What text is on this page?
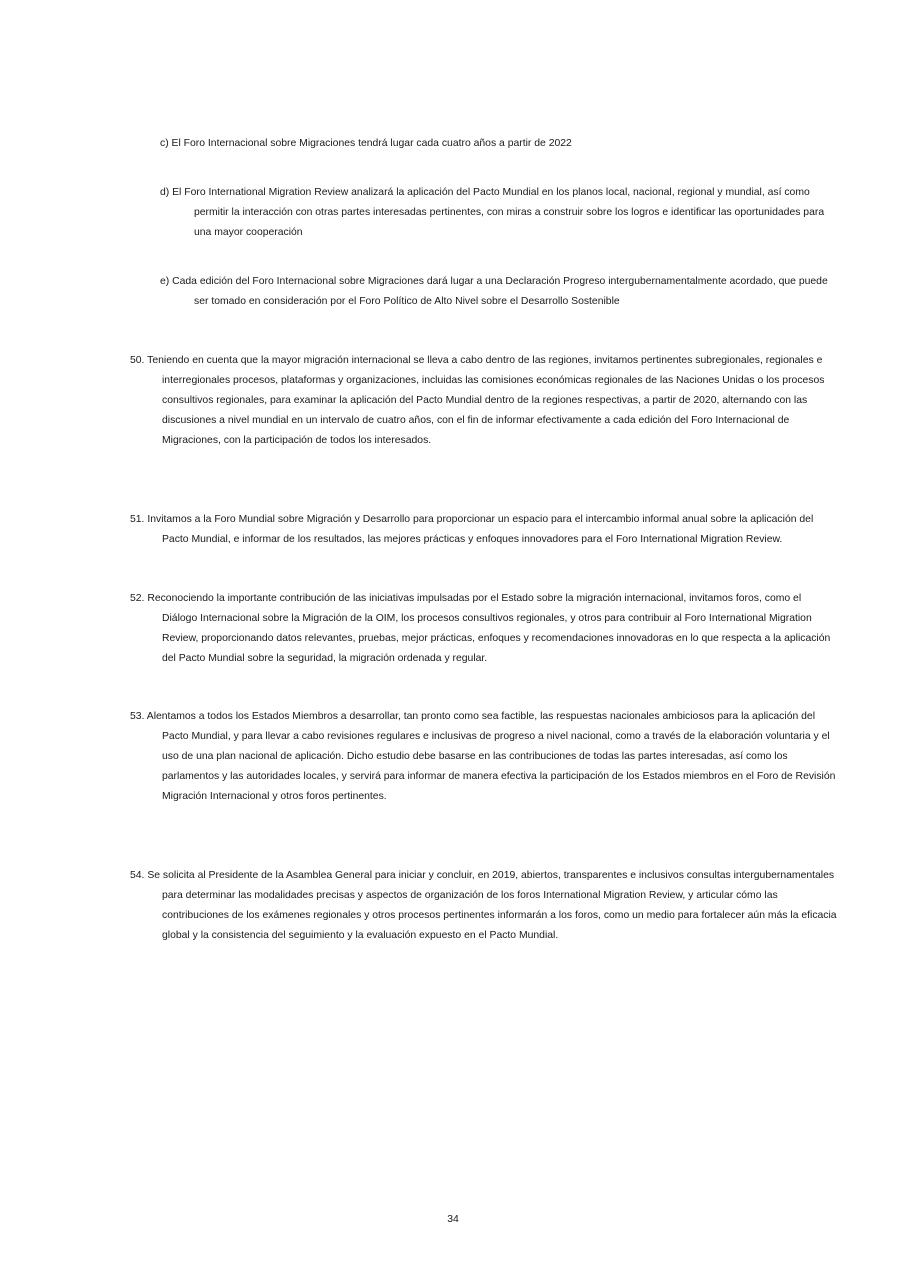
c) El Foro Internacional sobre Migraciones tendrá lugar cada cuatro años a partir de 2022

d) El Foro International Migration Review analizará la aplicación del Pacto Mundial en los planos local, nacional, regional y mundial, así como permitir la interacción con otras partes interesadas pertinentes, con miras a construir sobre los logros e identificar las oportunidades para una mayor cooperación

e) Cada edición del Foro Internacional sobre Migraciones dará lugar a una Declaración Progreso intergubernamentalmente acordado, que puede ser tomado en consideración por el Foro Político de Alto Nivel sobre el Desarrollo Sostenible

50. Teniendo en cuenta que la mayor migración internacional se lleva a cabo dentro de las regiones, invitamos pertinentes subregionales, regionales e interregionales procesos, plataformas y organizaciones, incluidas las comisiones económicas regionales de las Naciones Unidas o los procesos consultivos regionales, para examinar la aplicación del Pacto Mundial dentro de la regiones respectivas, a partir de 2020, alternando con las discusiones a nivel mundial en un intervalo de cuatro años, con el fin de informar efectivamente a cada edición del Foro Internacional de Migraciones, con la participación de todos los interesados.

51. Invitamos a la Foro Mundial sobre Migración y Desarrollo para proporcionar un espacio para el intercambio informal anual sobre la aplicación del Pacto Mundial, e informar de los resultados, las mejores prácticas y enfoques innovadores para el Foro International Migration Review.

52. Reconociendo la importante contribución de las iniciativas impulsadas por el Estado sobre la migración internacional, invitamos foros, como el Diálogo Internacional sobre la Migración de la OIM, los procesos consultivos regionales, y otros para contribuir al Foro International Migration Review, proporcionando datos relevantes, pruebas, mejor prácticas, enfoques y recomendaciones innovadoras en lo que respecta a la aplicación del Pacto Mundial sobre la seguridad, la migración ordenada y regular.

53. Alentamos a todos los Estados Miembros a desarrollar, tan pronto como sea factible, las respuestas nacionales ambiciosos para la aplicación del Pacto Mundial, y para llevar a cabo revisiones regulares e inclusivas de progreso a nivel nacional, como a través de la elaboración voluntaria y el uso de una plan nacional de aplicación. Dicho estudio debe basarse en las contribuciones de todas las partes interesadas, así como los parlamentos y las autoridades locales, y servirá para informar de manera efectiva la participación de los Estados miembros en el Foro de Revisión Migración Internacional y otros foros pertinentes.

54. Se solicita al Presidente de la Asamblea General para iniciar y concluir, en 2019, abiertos, transparentes e inclusivos consultas intergubernamentales para determinar las modalidades precisas y aspectos de organización de los foros International Migration Review, y articular cómo las contribuciones de los exámenes regionales y otros procesos pertinentes informarán a los foros, como un medio para fortalecer aún más la eficacia global y la consistencia del seguimiento y la evaluación expuesto en el Pacto Mundial.

34
